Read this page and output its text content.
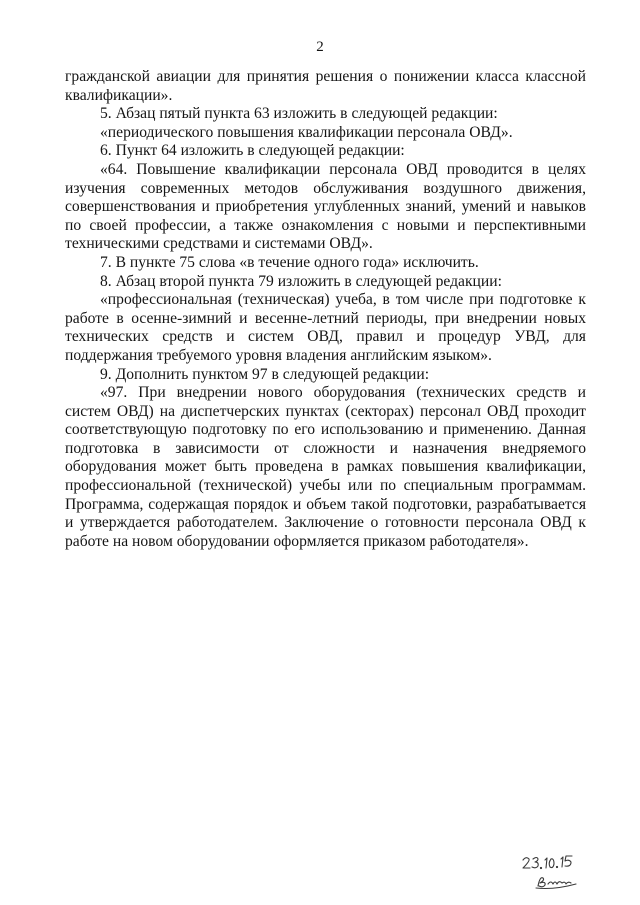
2

гражданской авиации для принятия решения о понижении класса классной квалификации».

5. Абзац пятый пункта 63 изложить в следующей редакции:

«периодического повышения квалификации персонала ОВД».

6. Пункт 64 изложить в следующей редакции:

«64. Повышение квалификации персонала ОВД проводится в целях изучения современных методов обслуживания воздушного движения, совершенствования и приобретения углубленных знаний, умений и навыков по своей профессии, а также ознакомления с новыми и перспективными техническими средствами и системами ОВД».

7. В пункте 75 слова «в течение одного года» исключить.

8. Абзац второй пункта 79 изложить в следующей редакции:

«профессиональная (техническая) учеба, в том числе при подготовке к работе в осенне-зимний и весенне-летний периоды, при внедрении новых технических средств и систем ОВД, правил и процедур УВД, для поддержания требуемого уровня владения английским языком».

9. Дополнить пунктом 97 в следующей редакции:

«97. При внедрении нового оборудования (технических средств и систем ОВД) на диспетчерских пунктах (секторах) персонал ОВД проходит соответствующую подготовку по его использованию и применению. Данная подготовка в зависимости от сложности и назначения внедряемого оборудования может быть проведена в рамках повышения квалификации, профессиональной (технической) учебы или по специальным программам. Программа, содержащая порядок и объем такой подготовки, разрабатывается и утверждается работодателем. Заключение о готовности персонала ОВД к работе на новом оборудовании оформляется приказом работодателя».
